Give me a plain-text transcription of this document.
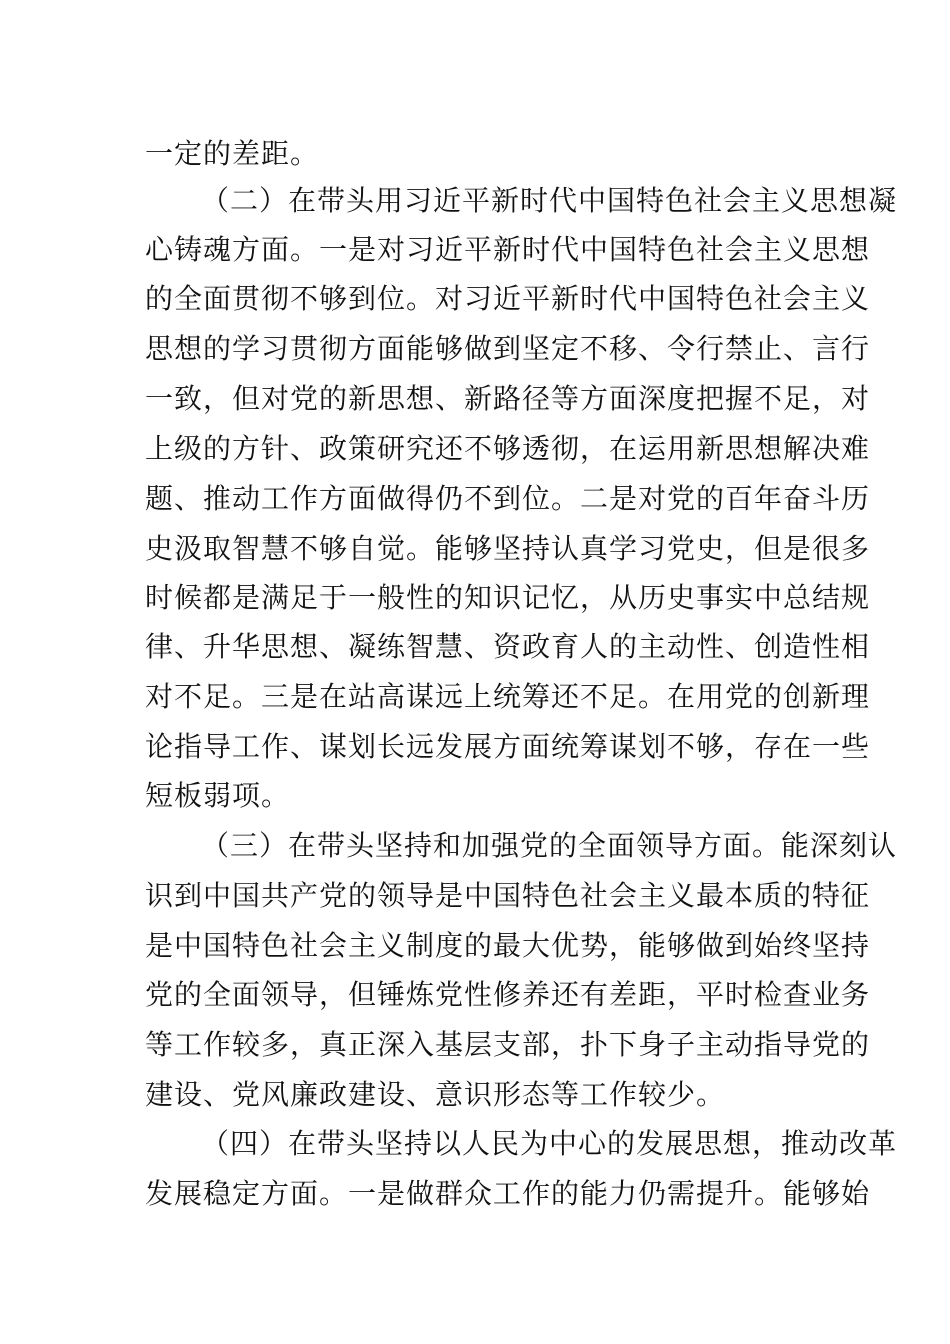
一定的差距。
（二）在带头用习近平新时代中国特色社会主义思想凝
心铸魂方面。一是对习近平新时代中国特色社会主义思想
的全面贯彻不够到位。对习近平新时代中国特色社会主义
思想的学习贯彻方面能够做到坚定不移、令行禁止、言行
一致，但对党的新思想、新路径等方面深度把握不足，对
上级的方针、政策研究还不够透彻，在运用新思想解决难
题、推动工作方面做得仍不到位。二是对党的百年奋斗历
史汲取智慧不够自觉。能够坚持认真学习党史，但是很多
时候都是满足于一般性的知识记忆，从历史事实中总结规
律、升华思想、凝练智慧、资政育人的主动性、创造性相
对不足。三是在站高谋远上统筹还不足。在用党的创新理
论指导工作、谋划长远发展方面统筹谋划不够，存在一些
短板弱项。
（三）在带头坚持和加强党的全面领导方面。能深刻认
识到中国共产党的领导是中国特色社会主义最本质的特征
是中国特色社会主义制度的最大优势，能够做到始终坚持
党的全面领导，但锤炼党性修养还有差距，平时检查业务
等工作较多，真正深入基层支部，扑下身子主动指导党的
建设、党风廉政建设、意识形态等工作较少。
（四）在带头坚持以人民为中心的发展思想，推动改革
发展稳定方面。一是做群众工作的能力仍需提升。能够始
